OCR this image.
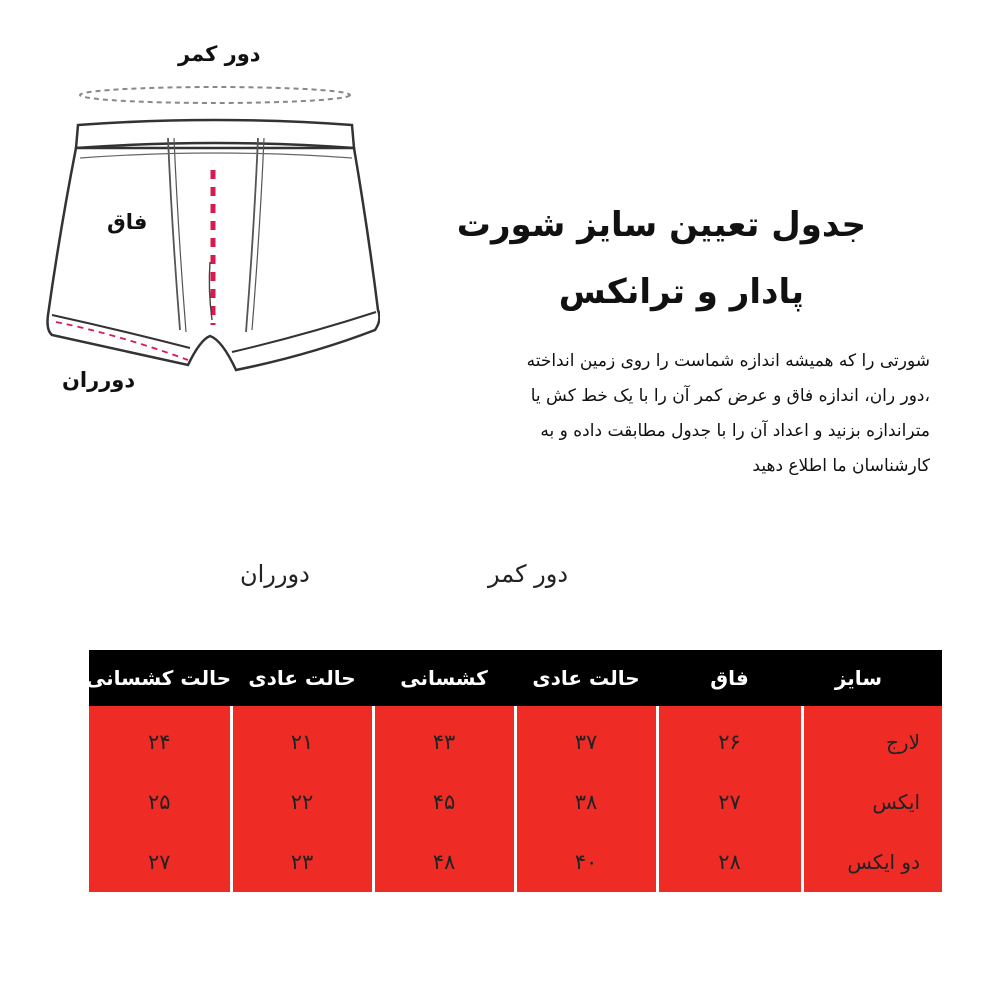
دور کمر
فاق
دورران
جدول تعیین سایز شورت
پادار و ترانکس

شورتی را که همیشه اندازه شماست را روی زمین انداخته

،دور ران، اندازه فاق و عرض کمر آن را با یک خط کش یا

متراندازه بزنید و اعداد آن را با جدول مطابقت داده و به

کارشناسان ما اطلاع دهید

دورران	دور کمر
سایز	فاق	حالت عادی	کشسانی	حالت عادی	حالت کشسانی
لارج	۲۶	۳۷	۴۳	۲۱	۲۴
ایکس	۲۷	۳۸	۴۵	۲۲	۲۵
دو ایکس	۲۸	۴۰	۴۸	۲۳	۲۷
